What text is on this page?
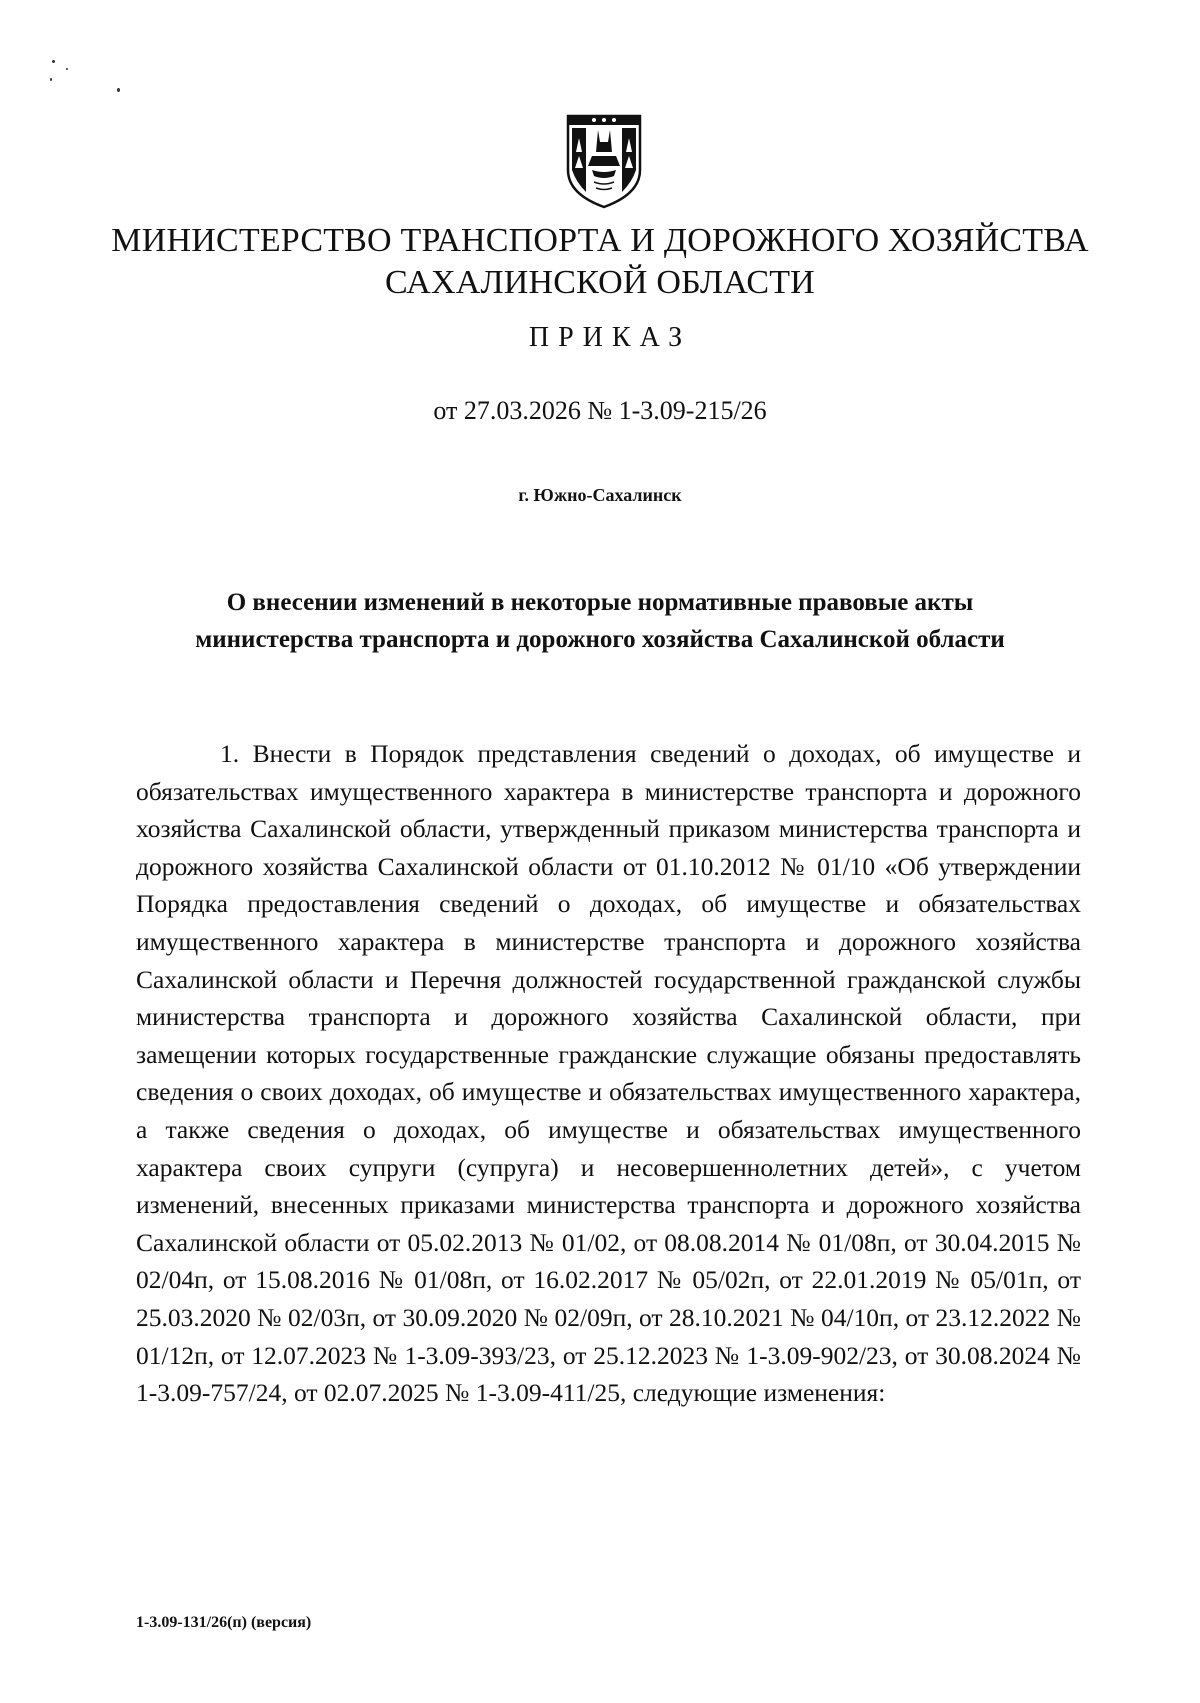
МИНИСТЕРСТВО ТРАНСПОРТА И ДОРОЖНОГО ХОЗЯЙСТВА
САХАЛИНСКОЙ ОБЛАСТИ
ПРИКАЗ
от 27.03.2026 № 1-3.09-215/26
г. Южно-Сахалинск
О внесении изменений в некоторые нормативные правовые акты
министерства транспорта и дорожного хозяйства Сахалинской области

1. Внести в Порядок представления сведений о доходах, об имуществе и обязательствах имущественного характера в министерстве транспорта и дорожного хозяйства Сахалинской области, утвержденный приказом министерства транспорта и дорожного хозяйства Сахалинской области от 01.10.2012 № 01/10 «Об утверждении Порядка предоставления сведений о доходах, об имуществе и обязательствах имущественного характера в министерстве транспорта и дорожного хозяйства Сахалинской области и Перечня должностей государственной гражданской службы министерства транспорта и дорожного хозяйства Сахалинской области, при замещении которых государственные гражданские служащие обязаны предоставлять сведения о своих доходах, об имуществе и обязательствах имущественного характера, а также сведения о доходах, об имуществе и обязательствах имущественного характера своих супруги (супруга) и несовершеннолетних детей», с учетом изменений, внесенных приказами министерства транспорта и дорожного хозяйства Сахалинской области от 05.02.2013 № 01/02, от 08.08.2014 № 01/08п, от 30.04.2015 № 02/04п, от 15.08.2016 № 01/08п, от 16.02.2017 № 05/02п, от 22.01.2019 № 05/01п, от 25.03.2020 № 02/03п, от 30.09.2020 № 02/09п, от 28.10.2021 № 04/10п, от 23.12.2022 № 01/12п, от 12.07.2023 № 1-3.09-393/23, от 25.12.2023 № 1-3.09-902/23, от 30.08.2024 № 1-3.09-757/24, от 02.07.2025 № 1-3.09-411/25, следующие изменения:

1-3.09-131/26(п) (версия)
